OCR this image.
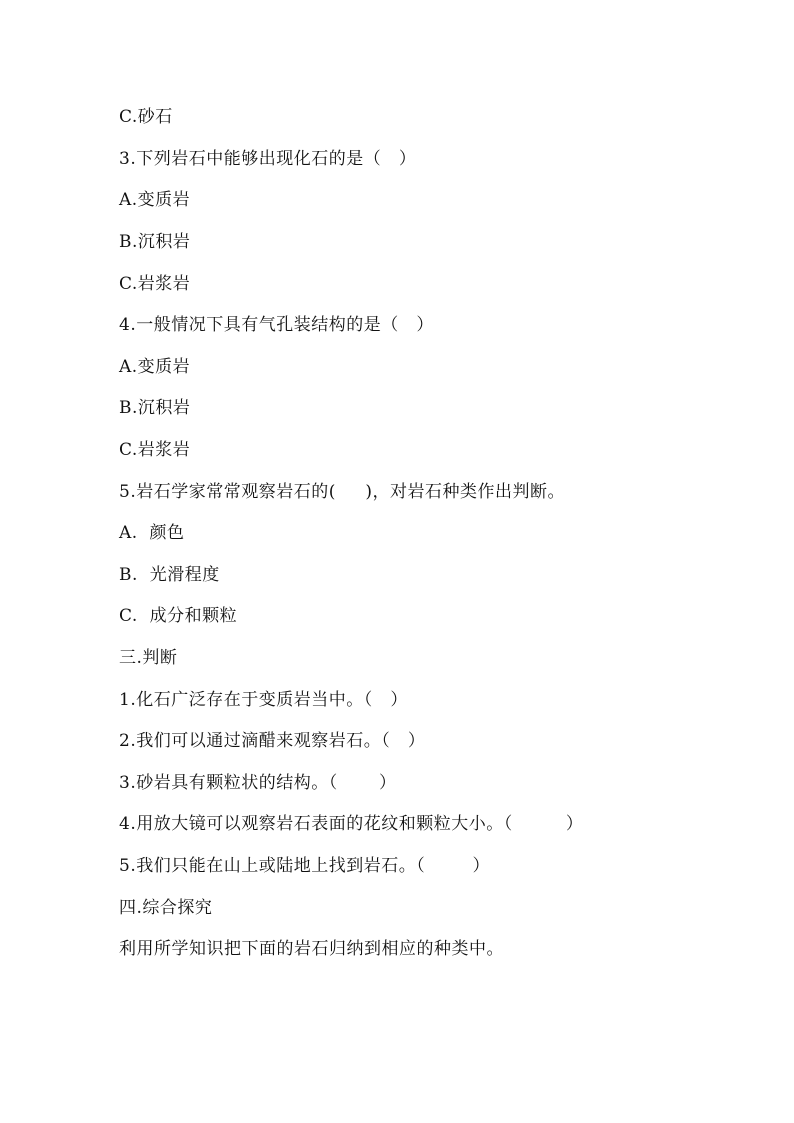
C.砂石
3.下列岩石中能够出现化石的是（   ）
A.变质岩
B.沉积岩
C.岩浆岩
4.一般情况下具有气孔装结构的是（   ）
A.变质岩
B.沉积岩
C.岩浆岩
5.岩石学家常常观察岩石的(     )，对岩石种类作出判断。
A.  颜色
B.  光滑程度
C.  成分和颗粒
三.判断
1.化石广泛存在于变质岩当中。（   ）
2.我们可以通过滴醋来观察岩石。（   ）
3.砂岩具有颗粒状的结构。（       ）
4.用放大镜可以观察岩石表面的花纹和颗粒大小。（         ）
5.我们只能在山上或陆地上找到岩石。（        ）
四.综合探究
利用所学知识把下面的岩石归纳到相应的种类中。
